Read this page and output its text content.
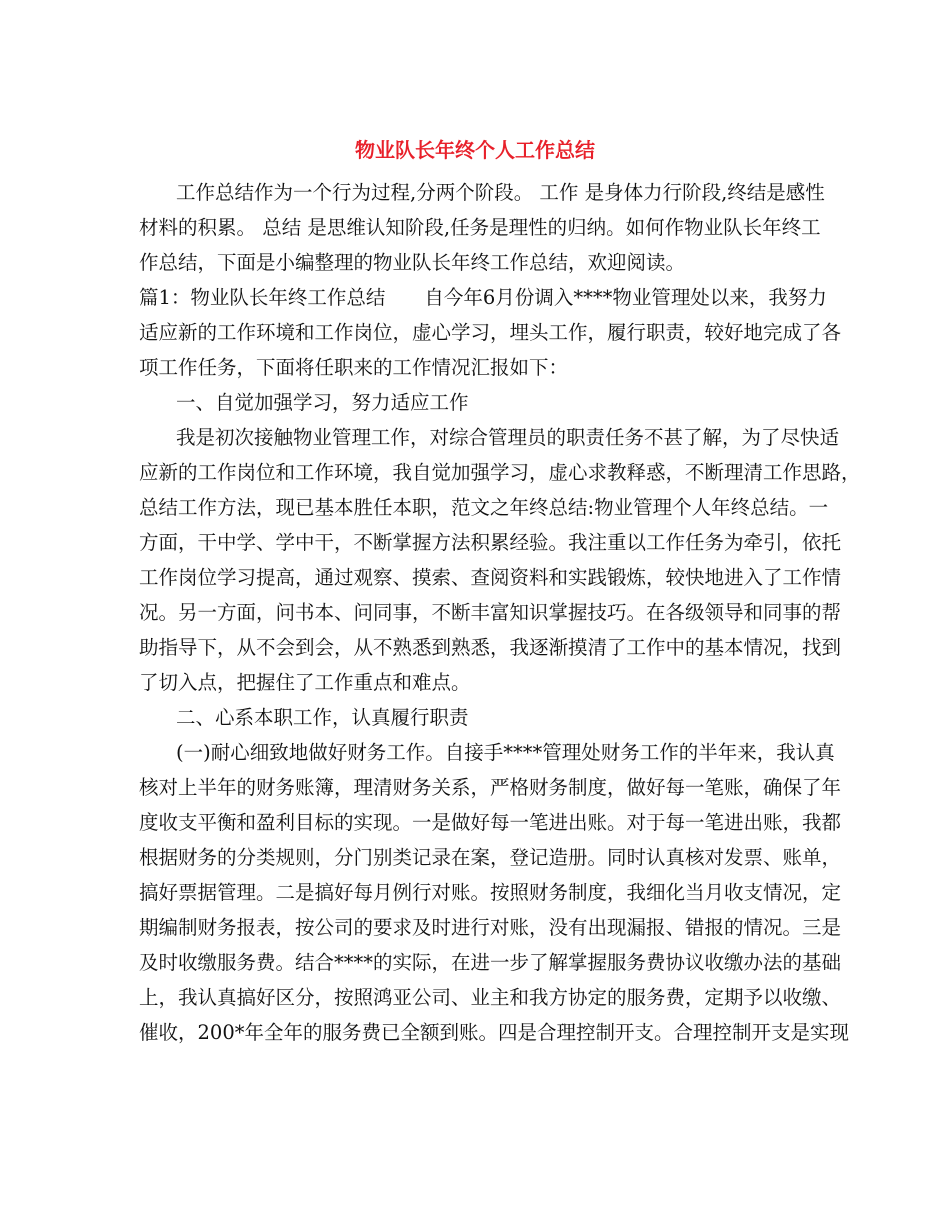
物业队长年终个人工作总结
工作总结作为一个行为过程,分两个阶段。 工作 是身体力行阶段,终结是感性
材料的积累。 总结 是思维认知阶段,任务是理性的归纳。如何作物业队长年终工
作总结，下面是小编整理的物业队长年终工作总结，欢迎阅读。
篇1：物业队长年终工作总结　　自今年6月份调入****物业管理处以来，我努力
适应新的工作环境和工作岗位，虚心学习，埋头工作，履行职责，较好地完成了各
项工作任务，下面将任职来的工作情况汇报如下：
一、自觉加强学习，努力适应工作
我是初次接触物业管理工作，对综合管理员的职责任务不甚了解，为了尽快适
应新的工作岗位和工作环境，我自觉加强学习，虚心求教释惑，不断理清工作思路，
总结工作方法，现已基本胜任本职，范文之年终总结:物业管理个人年终总结。一
方面，干中学、学中干，不断掌握方法积累经验。我注重以工作任务为牵引，依托
工作岗位学习提高，通过观察、摸索、查阅资料和实践锻炼，较快地进入了工作情
况。另一方面，问书本、问同事，不断丰富知识掌握技巧。在各级领导和同事的帮
助指导下，从不会到会，从不熟悉到熟悉，我逐渐摸清了工作中的基本情况，找到
了切入点，把握住了工作重点和难点。
二、心系本职工作，认真履行职责
(一)耐心细致地做好财务工作。自接手****管理处财务工作的半年来，我认真
核对上半年的财务账簿，理清财务关系，严格财务制度，做好每一笔账，确保了年
度收支平衡和盈利目标的实现。一是做好每一笔进出账。对于每一笔进出账，我都
根据财务的分类规则，分门别类记录在案，登记造册。同时认真核对发票、账单，
搞好票据管理。二是搞好每月例行对账。按照财务制度，我细化当月收支情况，定
期编制财务报表，按公司的要求及时进行对账，没有出现漏报、错报的情况。三是
及时收缴服务费。结合****的实际，在进一步了解掌握服务费协议收缴办法的基础
上，我认真搞好区分，按照鸿亚公司、业主和我方协定的服务费，定期予以收缴、
催收，200*年全年的服务费已全额到账。四是合理控制开支。合理控制开支是实现
